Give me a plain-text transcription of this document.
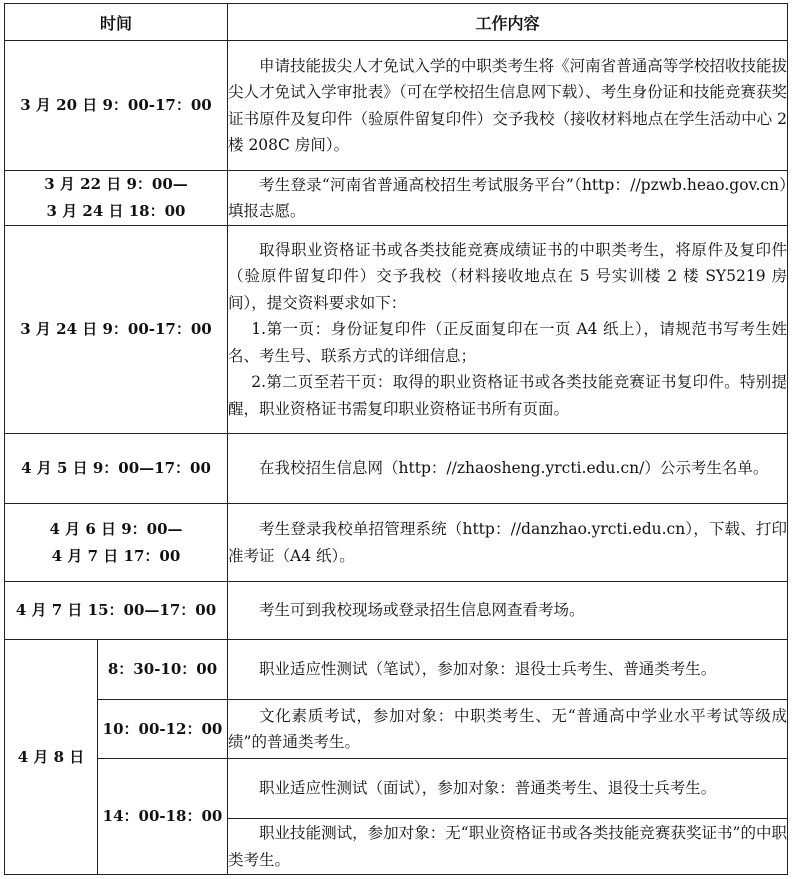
时间		工作内容

3 月 20 日 9：00-17：00		申请技能拔尖人才免试入学的中职类考生将《河南省普通高等学校招收技能拔尖人才免试入学审批表》（可在学校招生信息网下载）、考生身份证和技能竞赛获奖证书原件及复印件（验原件留复印件）交予我校（接收材料地点在学生活动中心 2 楼 208C 房间）。

3 月 22 日 9：00—
3 月 24 日 18：00		考生登录“河南省普通高校招生考试服务平台”（http：//pzwb.heao.gov.cn）填报志愿。

3 月 24 日 9：00-17：00		取得职业资格证书或各类技能竞赛成绩证书的中职类考生，将原件及复印件（验原件留复印件）交予我校（材料接收地点在 5 号实训楼 2 楼 SY5219 房间），提交资料要求如下：
1.第一页：身份证复印件（正反面复印在一页 A4 纸上），请规范书写考生姓名、考生号、联系方式的详细信息；
2.第二页至若干页：取得的职业资格证书或各类技能竞赛证书复印件。特别提醒，职业资格证书需复印职业资格证书所有页面。

4 月 5 日 9：00—17：00		在我校招生信息网（http：//zhaosheng.yrcti.edu.cn/）公示考生名单。

4 月 6 日 9：00—
4 月 7 日 17：00		考生登录我校单招管理系统（http：//danzhao.yrcti.edu.cn），下载、打印准考证（A4 纸）。

4 月 7 日 15：00—17：00		考生可到我校现场或登录招生信息网查看考场。

4 月 8 日	8：30-10：00	职业适应性测试（笔试），参加对象：退役士兵考生、普通类考生。

	10：00-12：00	文化素质考试，参加对象：中职类考生、无“普通高中学业水平考试等级成绩”的普通类考生。

	14：00-18：00	职业适应性测试（面试），参加对象：普通类考生、退役士兵考生。

		职业技能测试，参加对象：无“职业资格证书或各类技能竞赛获奖证书”的中职类考生。
